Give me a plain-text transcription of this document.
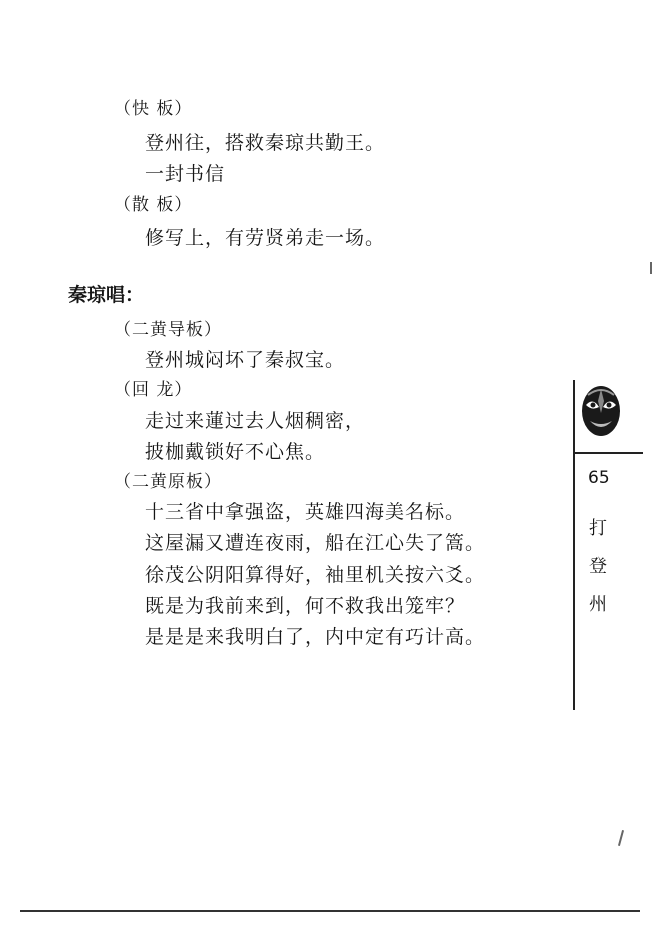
（快 板）
登州往，搭救秦琼共勤王。
一封书信
（散 板）
修写上，有劳贤弟走一场。
秦琼唱：
（二黄导板）
登州城闷坏了秦叔宝。
（回 龙）
走过来蓮过去人烟稠密，
披枷戴锁好不心焦。
（二黄原板）
十三省中拿强盗，英雄四海美名标。
这屋漏又遭连夜雨，船在江心失了篙。
徐茂公阴阳算得好，袖里机关按六爻。
既是为我前来到，何不救我出笼牢？
是是是来我明白了，内中定有巧计高。
65
打
登
州
